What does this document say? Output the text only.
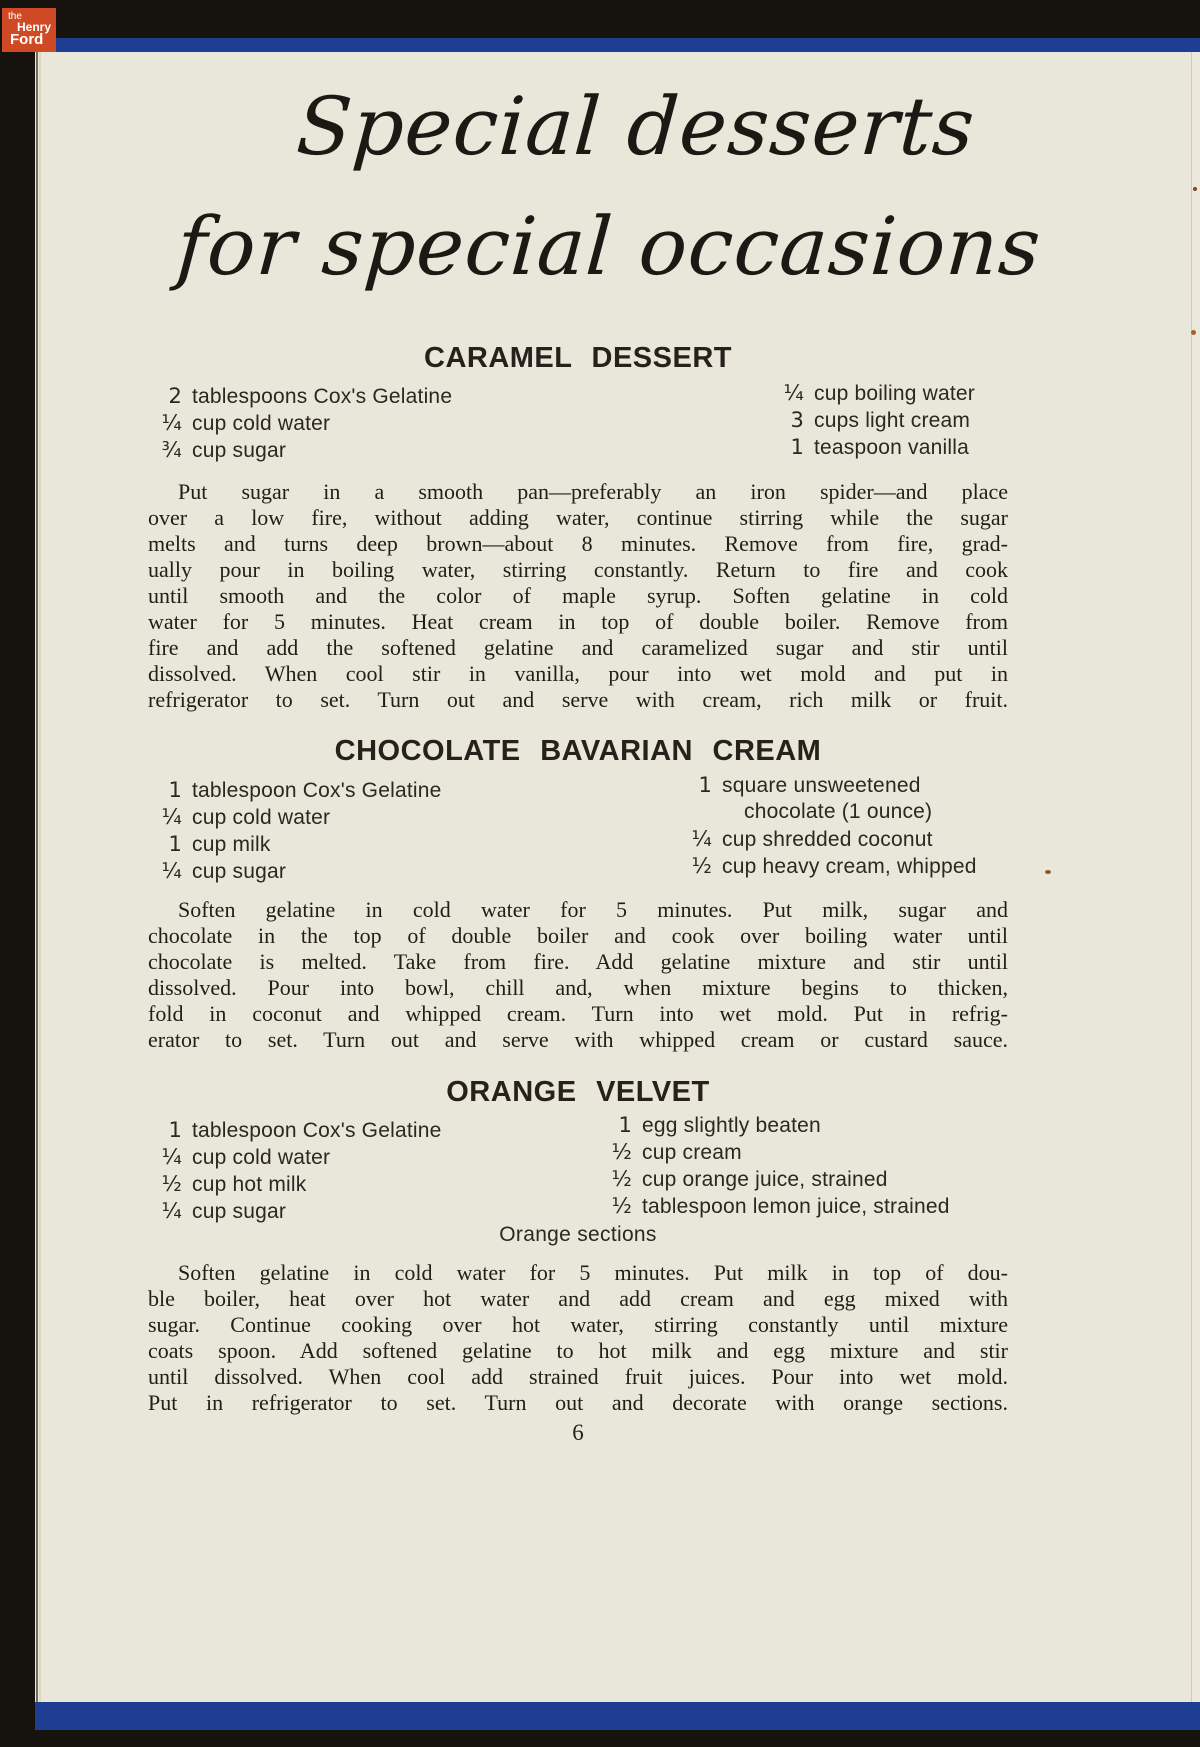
Special desserts
for special occasions
CARAMEL DESSERT
2 tablespoons Cox's Gelatine
¼ cup cold water
¾ cup sugar
¼ cup boiling water
3 cups light cream
1 teaspoon vanilla
Put sugar in a smooth pan—preferably an iron spider—and place
over a low fire, without adding water, continue stirring while the sugar
melts and turns deep brown—about 8 minutes. Remove from fire, grad-
ually pour in boiling water, stirring constantly. Return to fire and cook
until smooth and the color of maple syrup. Soften gelatine in cold
water for 5 minutes. Heat cream in top of double boiler. Remove from
fire and add the softened gelatine and caramelized sugar and stir until
dissolved. When cool stir in vanilla, pour into wet mold and put in
refrigerator to set. Turn out and serve with cream, rich milk or fruit.
CHOCOLATE BAVARIAN CREAM
1 tablespoon Cox's Gelatine
¼ cup cold water
1 cup milk
¼ cup sugar
1 square unsweetened
chocolate (1 ounce)
¼ cup shredded coconut
½ cup heavy cream, whipped
Soften gelatine in cold water for 5 minutes. Put milk, sugar and
chocolate in the top of double boiler and cook over boiling water until
chocolate is melted. Take from fire. Add gelatine mixture and stir until
dissolved. Pour into bowl, chill and, when mixture begins to thicken,
fold in coconut and whipped cream. Turn into wet mold. Put in refrig-
erator to set. Turn out and serve with whipped cream or custard sauce.
ORANGE VELVET
1 tablespoon Cox's Gelatine
¼ cup cold water
½ cup hot milk
¼ cup sugar
1 egg slightly beaten
½ cup cream
½ cup orange juice, strained
½ tablespoon lemon juice, strained
Orange sections
Soften gelatine in cold water for 5 minutes. Put milk in top of dou-
ble boiler, heat over hot water and add cream and egg mixed with
sugar. Continue cooking over hot water, stirring constantly until mixture
coats spoon. Add softened gelatine to hot milk and egg mixture and stir
until dissolved. When cool add strained fruit juices. Pour into wet mold.
Put in refrigerator to set. Turn out and decorate with orange sections.
6
the
Henry
Ford
